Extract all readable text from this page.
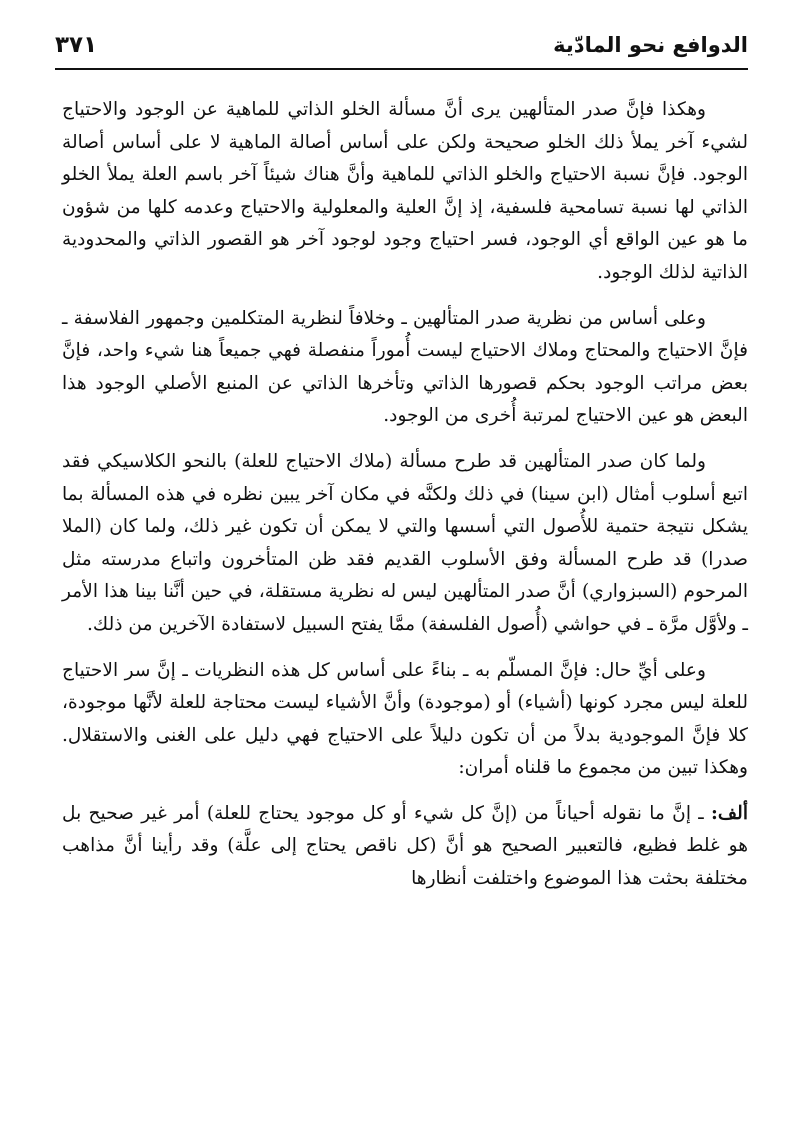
الدوافع نحو المادّية
٣٧١

وهكذا فإنَّ صدر المتألهين يرى أنَّ مسألة الخلو الذاتي للماهية عن الوجود والاحتياج لشيء آخر يملأ ذلك الخلو صحيحة ولكن على أساس أصالة الماهية لا على أساس أصالة الوجود. فإنَّ نسبة الاحتياج والخلو الذاتي للماهية وأنَّ هناك شيئاً آخر باسم العلة يملأ الخلو الذاتي لها نسبة تسامحية فلسفية، إذ إنَّ العلية والمعلولية والاحتياج وعدمه كلها من شؤون ما هو عين الواقع أي الوجود، فسر احتياج وجود لوجود آخر هو القصور الذاتي والمحدودية الذاتية لذلك الوجود.

وعلى أساس من نظرية صدر المتألهين ـ وخلافاً لنظرية المتكلمين وجمهور الفلاسفة ـ فإنَّ الاحتياج والمحتاج وملاك الاحتياج ليست أُموراً منفصلة فهي جميعاً هنا شيء واحد، فإنَّ بعض مراتب الوجود بحكم قصورها الذاتي وتأخرها الذاتي عن المنبع الأصلي الوجود هذا البعض هو عين الاحتياج لمرتبة أُخرى من الوجود.

ولما كان صدر المتألهين قد طرح مسألة (ملاك الاحتياج للعلة) بالنحو الكلاسيكي فقد اتبع أسلوب أمثال (ابن سينا) في ذلك ولكنَّه في مكان آخر يبين نظره في هذه المسألة بما يشكل نتيجة حتمية للأُصول التي أسسها والتي لا يمكن أن تكون غير ذلك، ولما كان (الملا صدرا) قد طرح المسألة وفق الأسلوب القديم فقد ظن المتأخرون واتباع مدرسته مثل المرحوم (السبزواري) أنَّ صدر المتألهين ليس له نظرية مستقلة، في حين أنَّنا بينا هذا الأمر ـ ولأوَّل مرَّة ـ في حواشي (أُصول الفلسفة) ممَّا يفتح السبيل لاستفادة الآخرين من ذلك.

وعلى أيِّ حال: فإنَّ المسلّم به ـ بناءً على أساس كل هذه النظريات ـ إنَّ سر الاحتياج للعلة ليس مجرد كونها (أشياء) أو (موجودة) وأنَّ الأشياء ليست محتاجة للعلة لأنَّها موجودة، كلا فإنَّ الموجودية بدلاً من أن تكون دليلاً على الاحتياج فهي دليل على الغنى والاستقلال. وهكذا تبين من مجموع ما قلناه أمران:

ألف: ـ إنَّ ما نقوله أحياناً من (إنَّ كل شيء أو كل موجود يحتاج للعلة) أمر غير صحيح بل هو غلط فظيع، فالتعبير الصحيح هو أنَّ (كل ناقص يحتاج إلى علَّة) وقد رأينا أنَّ مذاهب مختلفة بحثت هذا الموضوع واختلفت أنظارها
